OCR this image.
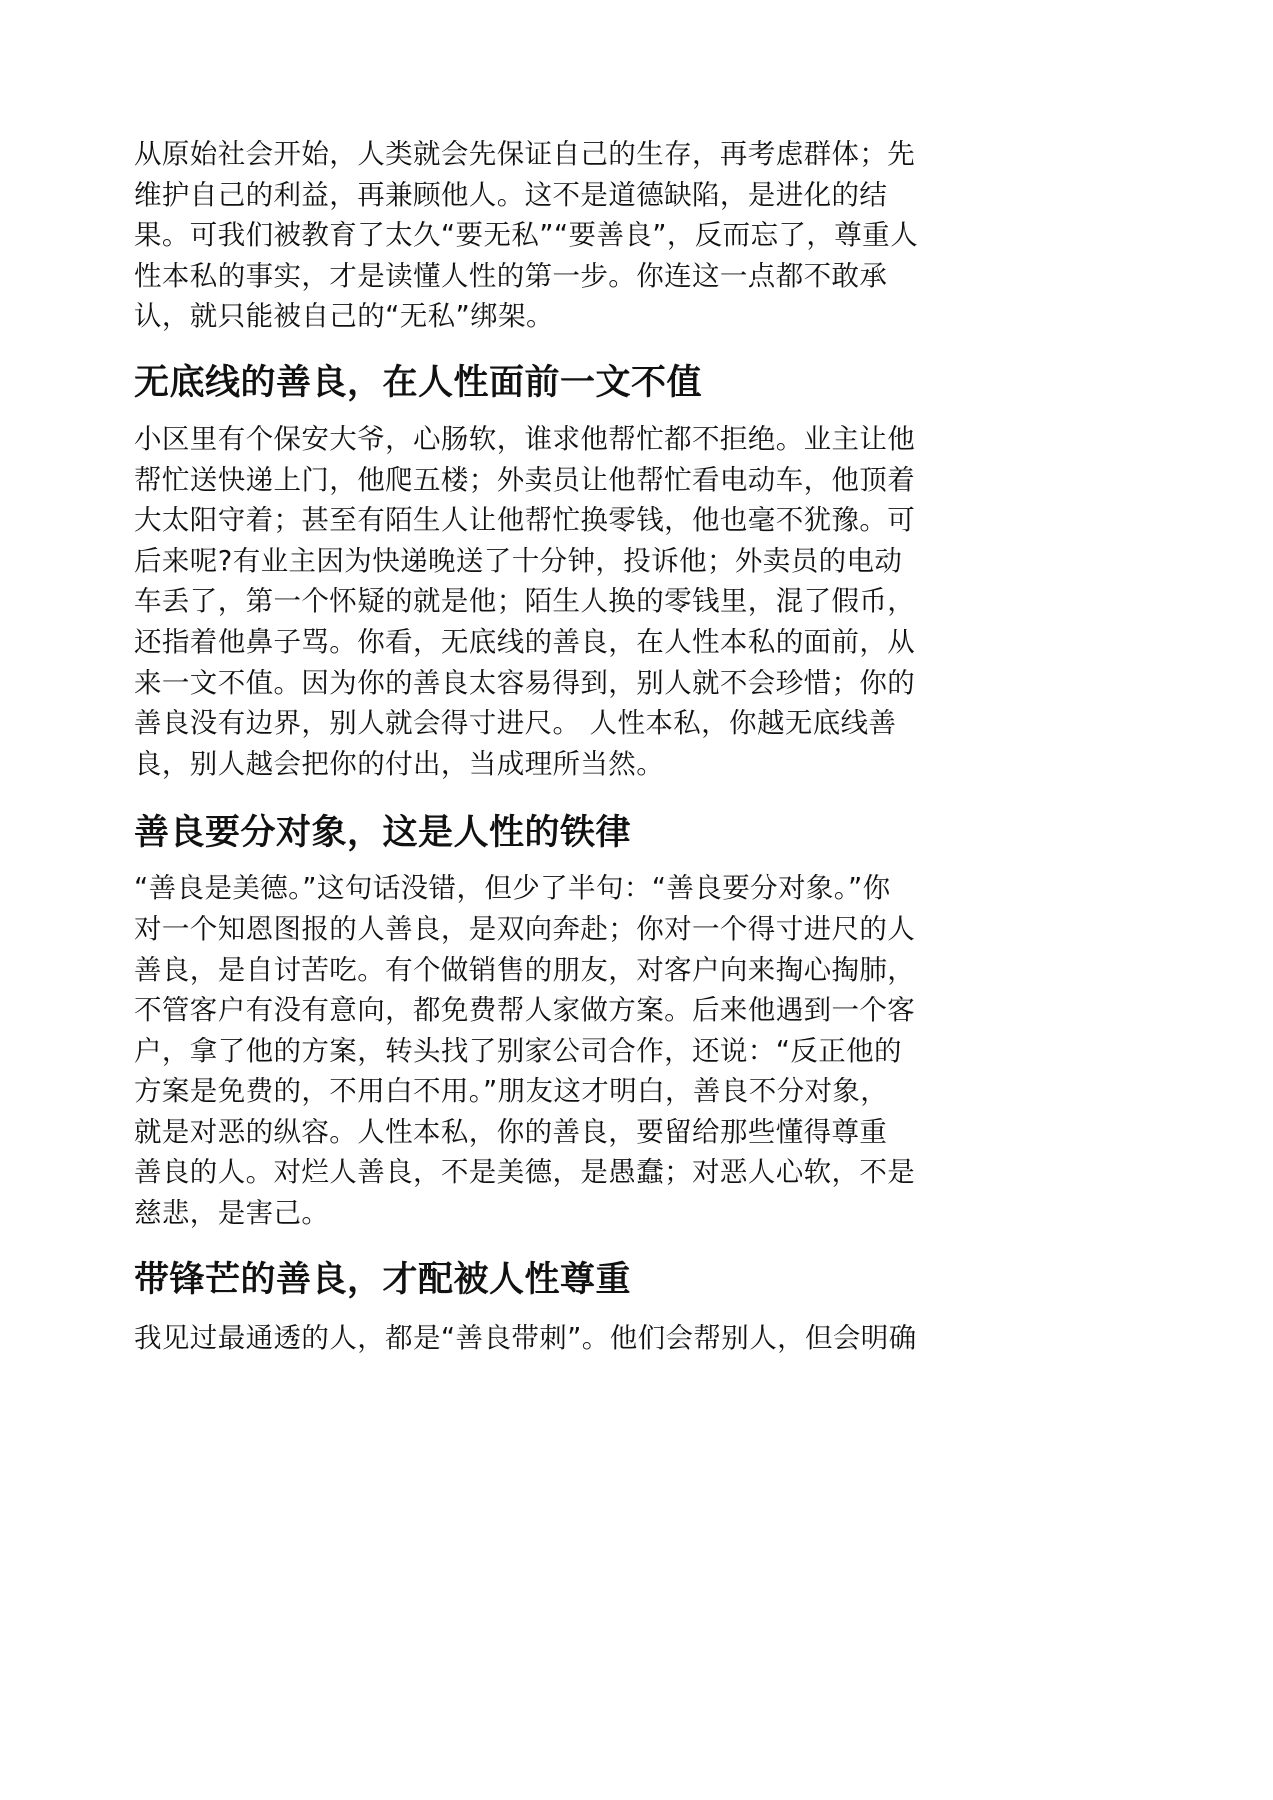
从原始社会开始，人类就会先保证自己的生存，再考虑群体；先
维护自己的利益，再兼顾他人。这不是道德缺陷，是进化的结
果。可我们被教育了太久“要无私”“要善良”，反而忘了，尊重人
性本私的事实，才是读懂人性的第一步。你连这一点都不敢承
认，就只能被自己的“无私”绑架。

无底线的善良，在人性面前一文不值

小区里有个保安大爷，心肠软，谁求他帮忙都不拒绝。业主让他
帮忙送快递上门，他爬五楼；外卖员让他帮忙看电动车，他顶着
大太阳守着；甚至有陌生人让他帮忙换零钱，他也毫不犹豫。可
后来呢?有业主因为快递晚送了十分钟，投诉他；外卖员的电动
车丢了，第一个怀疑的就是他；陌生人换的零钱里，混了假币，
还指着他鼻子骂。你看，无底线的善良，在人性本私的面前，从
来一文不值。因为你的善良太容易得到，别人就不会珍惜；你的
善良没有边界，别人就会得寸进尺。 人性本私，你越无底线善
良，别人越会把你的付出，当成理所当然。

善良要分对象，这是人性的铁律

“善良是美德。”这句话没错，但少了半句：“善良要分对象。”你
对一个知恩图报的人善良，是双向奔赴；你对一个得寸进尺的人
善良，是自讨苦吃。有个做销售的朋友，对客户向来掏心掏肺，
不管客户有没有意向，都免费帮人家做方案。后来他遇到一个客
户，拿了他的方案，转头找了别家公司合作，还说：“反正他的
方案是免费的，不用白不用。”朋友这才明白，善良不分对象，
就是对恶的纵容。人性本私，你的善良，要留给那些懂得尊重
善良的人。对烂人善良，不是美德，是愚蠢；对恶人心软，不是
慈悲，是害己。

带锋芒的善良，才配被人性尊重

我见过最通透的人，都是“善良带刺”。他们会帮别人，但会明确
